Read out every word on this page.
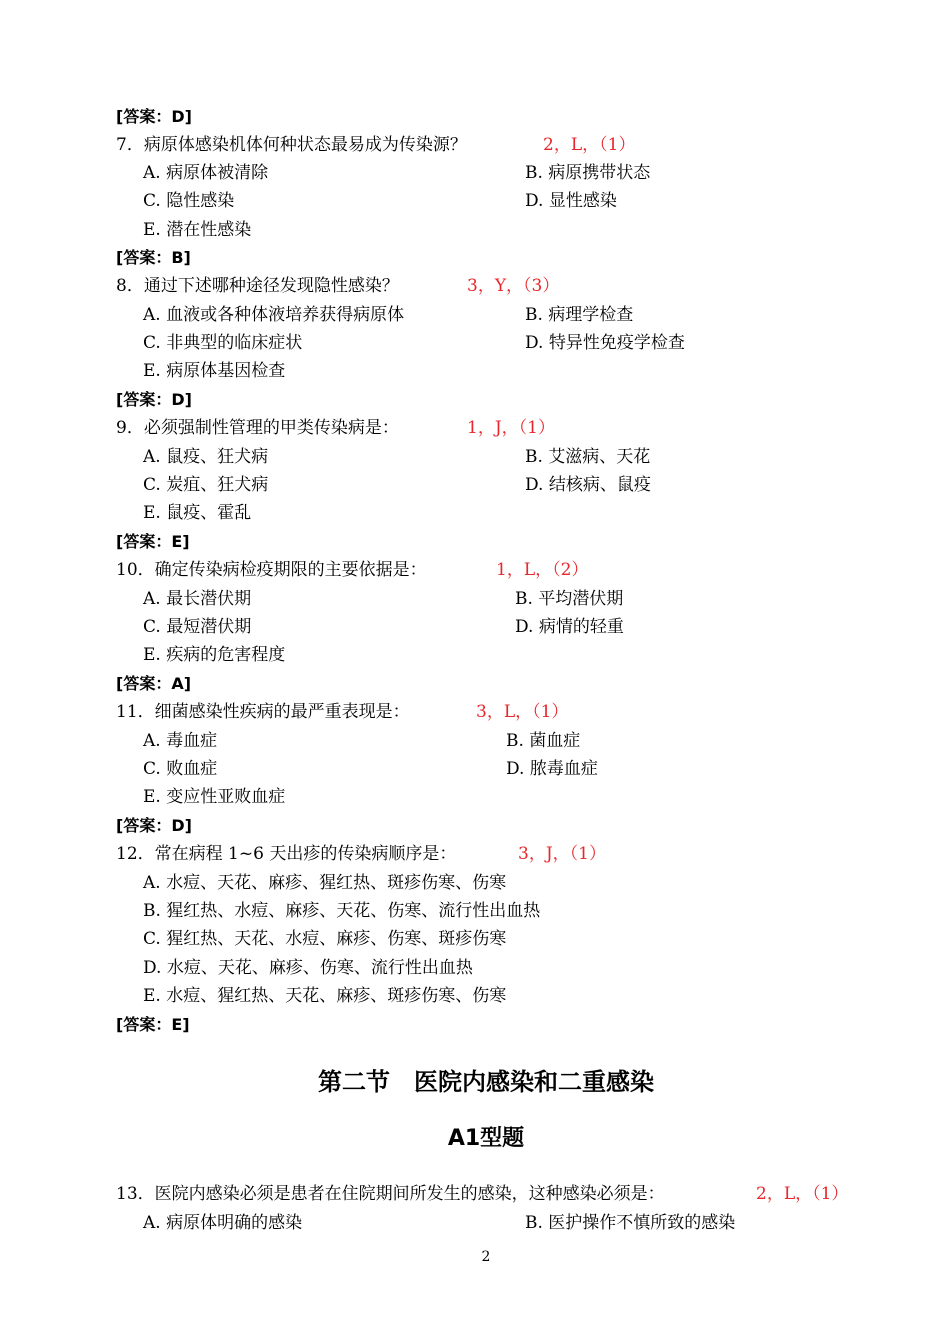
[答案：D]
7．病原体感染机体何种状态最易成为传染源？	2，L，（1）
A. 病原体被清除	B. 病原携带状态
C. 隐性感染	D. 显性感染
E. 潜在性感染
[答案：B]
8．通过下述哪种途径发现隐性感染？	3，Y，（3）
A. 血液或各种体液培养获得病原体	B. 病理学检查
C. 非典型的临床症状	D. 特异性免疫学检查
E. 病原体基因检查
[答案：D]
9．必须强制性管理的甲类传染病是：	1，J，（1）
A. 鼠疫、狂犬病	B. 艾滋病、天花
C. 炭疽、狂犬病	D. 结核病、鼠疫
E. 鼠疫、霍乱
[答案：E]
10．确定传染病检疫期限的主要依据是：	1，L，（2）
A. 最长潜伏期	B. 平均潜伏期
C. 最短潜伏期	D. 病情的轻重
E. 疾病的危害程度
[答案：A]
11．细菌感染性疾病的最严重表现是：	3，L，（1）
A. 毒血症	B. 菌血症
C. 败血症	D. 脓毒血症
E. 变应性亚败血症
[答案：D]
12．常在病程 1~6 天出疹的传染病顺序是：	3，J，（1）
A. 水痘、天花、麻疹、猩红热、斑疹伤寒、伤寒
B. 猩红热、水痘、麻疹、天花、伤寒、流行性出血热
C. 猩红热、天花、水痘、麻疹、伤寒、斑疹伤寒
D. 水痘、天花、麻疹、伤寒、流行性出血热
E. 水痘、猩红热、天花、麻疹、斑疹伤寒、伤寒
[答案：E]
第二节　医院内感染和二重感染
A1型题
13．医院内感染必须是患者在住院期间所发生的感染，这种感染必须是：	2，L，（1）
A. 病原体明确的感染	B. 医护操作不慎所致的感染
2
